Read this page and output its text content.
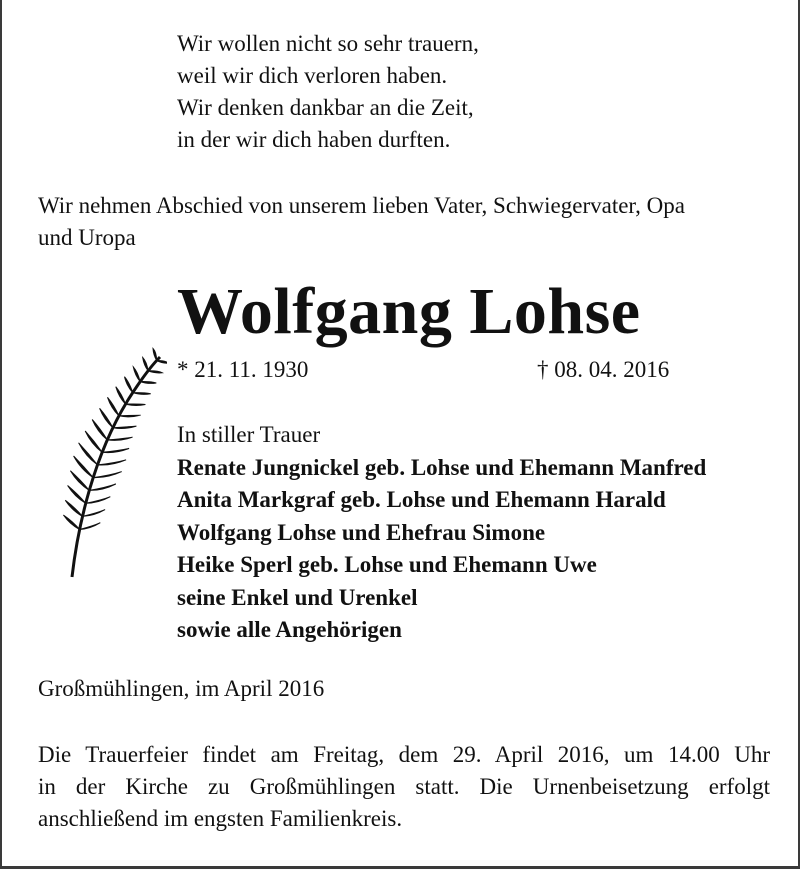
Wir wollen nicht so sehr trauern,
weil wir dich verloren haben.
Wir denken dankbar an die Zeit,
in der wir dich haben durften.
Wir nehmen Abschied von unserem lieben Vater, Schwiegervater, Opa
und Uropa
Wolfgang Lohse
* 21. 11. 1930	† 08. 04. 2016
In stiller Trauer
Renate Jungnickel geb. Lohse und Ehemann Manfred
Anita Markgraf geb. Lohse und Ehemann Harald
Wolfgang Lohse und Ehefrau Simone
Heike Sperl geb. Lohse und Ehemann Uwe
seine Enkel und Urenkel
sowie alle Angehörigen
Großmühlingen, im April 2016
Die Trauerfeier findet am Freitag, dem 29. April 2016, um 14.00 Uhr
in der Kirche zu Großmühlingen statt. Die Urnenbeisetzung erfolgt
anschließend im engsten Familienkreis.
